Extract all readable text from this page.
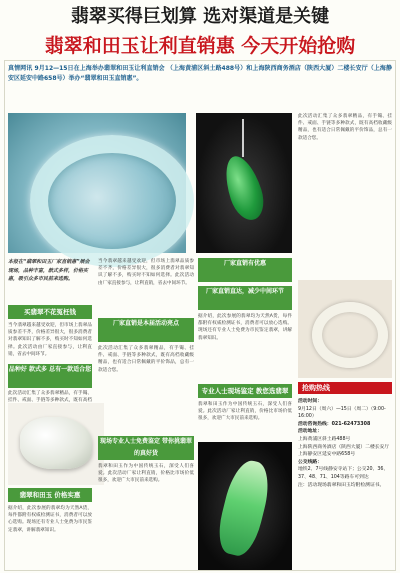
翡翠买得巨划算 选对渠道是关键
翡翠和田玉让利直销惠 今天开始抢购
真情网讯 9月12—15日在上海举办翡翠和田玉让利直销会 （上海黄浦区斜土路488号）和上海陕西商务酒店（陕西大厦）二楼长安厅（上海静安区延安中路658号）举办“翡翠和田玉直销惠”。
本报在“翡翠和田玉厂家直销惠”展会现场，品种丰富，款式多样，价格实惠，吸引众多市民前来选购。
买翡翠不花冤枉钱
当今翡翠越来越受欢迎，但市场上翡翠品质参差不齐，价格差异很大，很多消费者对翡翠知识了解不多，购买时不知如何选择。此次活动由厂家直接参与，让利直销，省去中间环节。
品种好 款式多 总有一款适合您
此次活动汇集了众多翡翠精品，有手镯、挂件、戒面、手链等多种款式，既有高档
翡翠和田玉 价格实惠
据介绍，此次参展的翡翠均为天然A货，每件都附有权威检测证书，消费者可以放心选购。现场还有专业人士免费为市民鉴定翡翠，讲解翡翠知识。
当今翡翠越来越受欢迎，但市场上翡翠品质参差不齐，价格差异很大，很多消费者对翡翠知识了解不多，购买时不知如何选择。此次活动由厂家直接参与，让利直销，省去中间环节。
厂家直销是本届活动亮点
此次活动汇集了众多翡翠精品，有手镯、挂件、戒面、手链等多种款式，既有高档收藏级精品，也有适合日常佩戴的平价饰品，总有一款适合您。
现场专业人士免费鉴定 带你挑翡翠的真好货
翡翠和田玉作为中国传统玉石，深受人们喜爱。此次活动厂家让利直销，价格比市场价低很多，欢迎广大市民前来选购。
厂家直销有优惠
厂家直销直达，减少中间环节
据介绍，此次参展的翡翠均为天然A货，每件都附有权威检测证书，消费者可以放心选购。现场还有专业人士免费为市民鉴定翡翠，讲解翡翠知识。
专业人士现场鉴定 教您选翡翠
翡翠和田玉作为中国传统玉石，深受人们喜爱。此次活动厂家让利直销，价格比市场价低很多，欢迎广大市民前来选购。
此次活动汇集了众多翡翠精品，有手镯、挂件、戒面、手链等多种款式，既有高档收藏级精品，也有适合日常佩戴的平价饰品，总有一款适合您。
抢购热线
活动时间：
9月12日（周六）—15日（周二）（9:00-16:00）
活动咨询热线：021-62473308
活动地址：
上海黄浦区斜土路488号
上海陕西商务酒店（陕西大厦）二楼长安厅
上海静安区延安中路658号
公交线路：
地铁2、7号线静安寺站下；公交20、36、37、48、71、104等路车可到达
注：活动现场翡翠和田玉均附检测证书。
